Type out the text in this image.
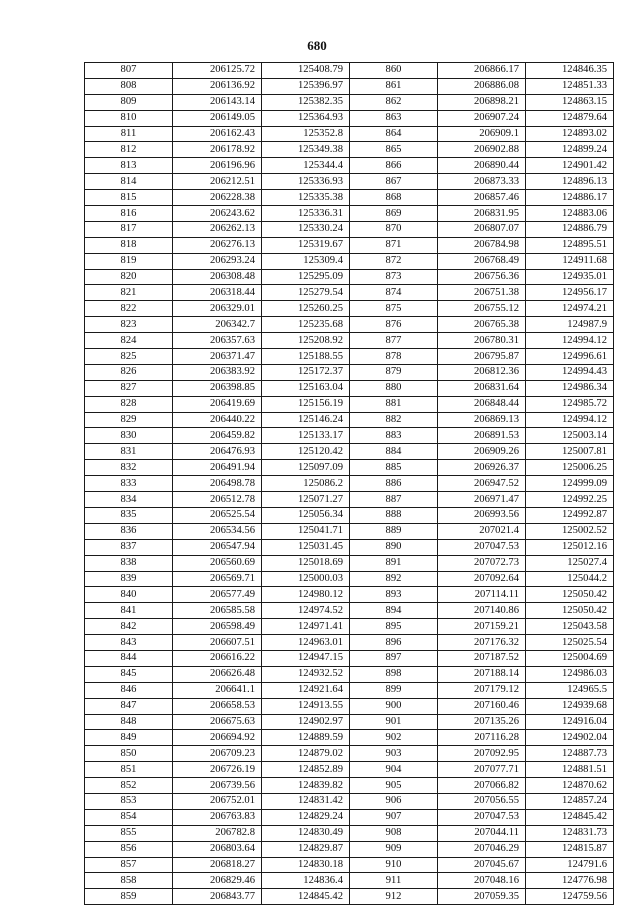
680
807	206125.72	125408.79	860	206866.17	124846.35
808	206136.92	125396.97	861	206886.08	124851.33
809	206143.14	125382.35	862	206898.21	124863.15
810	206149.05	125364.93	863	206907.24	124879.64
811	206162.43	125352.8	864	206909.1	124893.02
812	206178.92	125349.38	865	206902.88	124899.24
813	206196.96	125344.4	866	206890.44	124901.42
814	206212.51	125336.93	867	206873.33	124896.13
815	206228.38	125335.38	868	206857.46	124886.17
816	206243.62	125336.31	869	206831.95	124883.06
817	206262.13	125330.24	870	206807.07	124886.79
818	206276.13	125319.67	871	206784.98	124895.51
819	206293.24	125309.4	872	206768.49	124911.68
820	206308.48	125295.09	873	206756.36	124935.01
821	206318.44	125279.54	874	206751.38	124956.17
822	206329.01	125260.25	875	206755.12	124974.21
823	206342.7	125235.68	876	206765.38	124987.9
824	206357.63	125208.92	877	206780.31	124994.12
825	206371.47	125188.55	878	206795.87	124996.61
826	206383.92	125172.37	879	206812.36	124994.43
827	206398.85	125163.04	880	206831.64	124986.34
828	206419.69	125156.19	881	206848.44	124985.72
829	206440.22	125146.24	882	206869.13	124994.12
830	206459.82	125133.17	883	206891.53	125003.14
831	206476.93	125120.42	884	206909.26	125007.81
832	206491.94	125097.09	885	206926.37	125006.25
833	206498.78	125086.2	886	206947.52	124999.09
834	206512.78	125071.27	887	206971.47	124992.25
835	206525.54	125056.34	888	206993.56	124992.87
836	206534.56	125041.71	889	207021.4	125002.52
837	206547.94	125031.45	890	207047.53	125012.16
838	206560.69	125018.69	891	207072.73	125027.4
839	206569.71	125000.03	892	207092.64	125044.2
840	206577.49	124980.12	893	207114.11	125050.42
841	206585.58	124974.52	894	207140.86	125050.42
842	206598.49	124971.41	895	207159.21	125043.58
843	206607.51	124963.01	896	207176.32	125025.54
844	206616.22	124947.15	897	207187.52	125004.69
845	206626.48	124932.52	898	207188.14	124986.03
846	206641.1	124921.64	899	207179.12	124965.5
847	206658.53	124913.55	900	207160.46	124939.68
848	206675.63	124902.97	901	207135.26	124916.04
849	206694.92	124889.59	902	207116.28	124902.04
850	206709.23	124879.02	903	207092.95	124887.73
851	206726.19	124852.89	904	207077.71	124881.51
852	206739.56	124839.82	905	207066.82	124870.62
853	206752.01	124831.42	906	207056.55	124857.24
854	206763.83	124829.24	907	207047.53	124845.42
855	206782.8	124830.49	908	207044.11	124831.73
856	206803.64	124829.87	909	207046.29	124815.87
857	206818.27	124830.18	910	207045.67	124791.6
858	206829.46	124836.4	911	207048.16	124776.98
859	206843.77	124845.42	912	207059.35	124759.56
